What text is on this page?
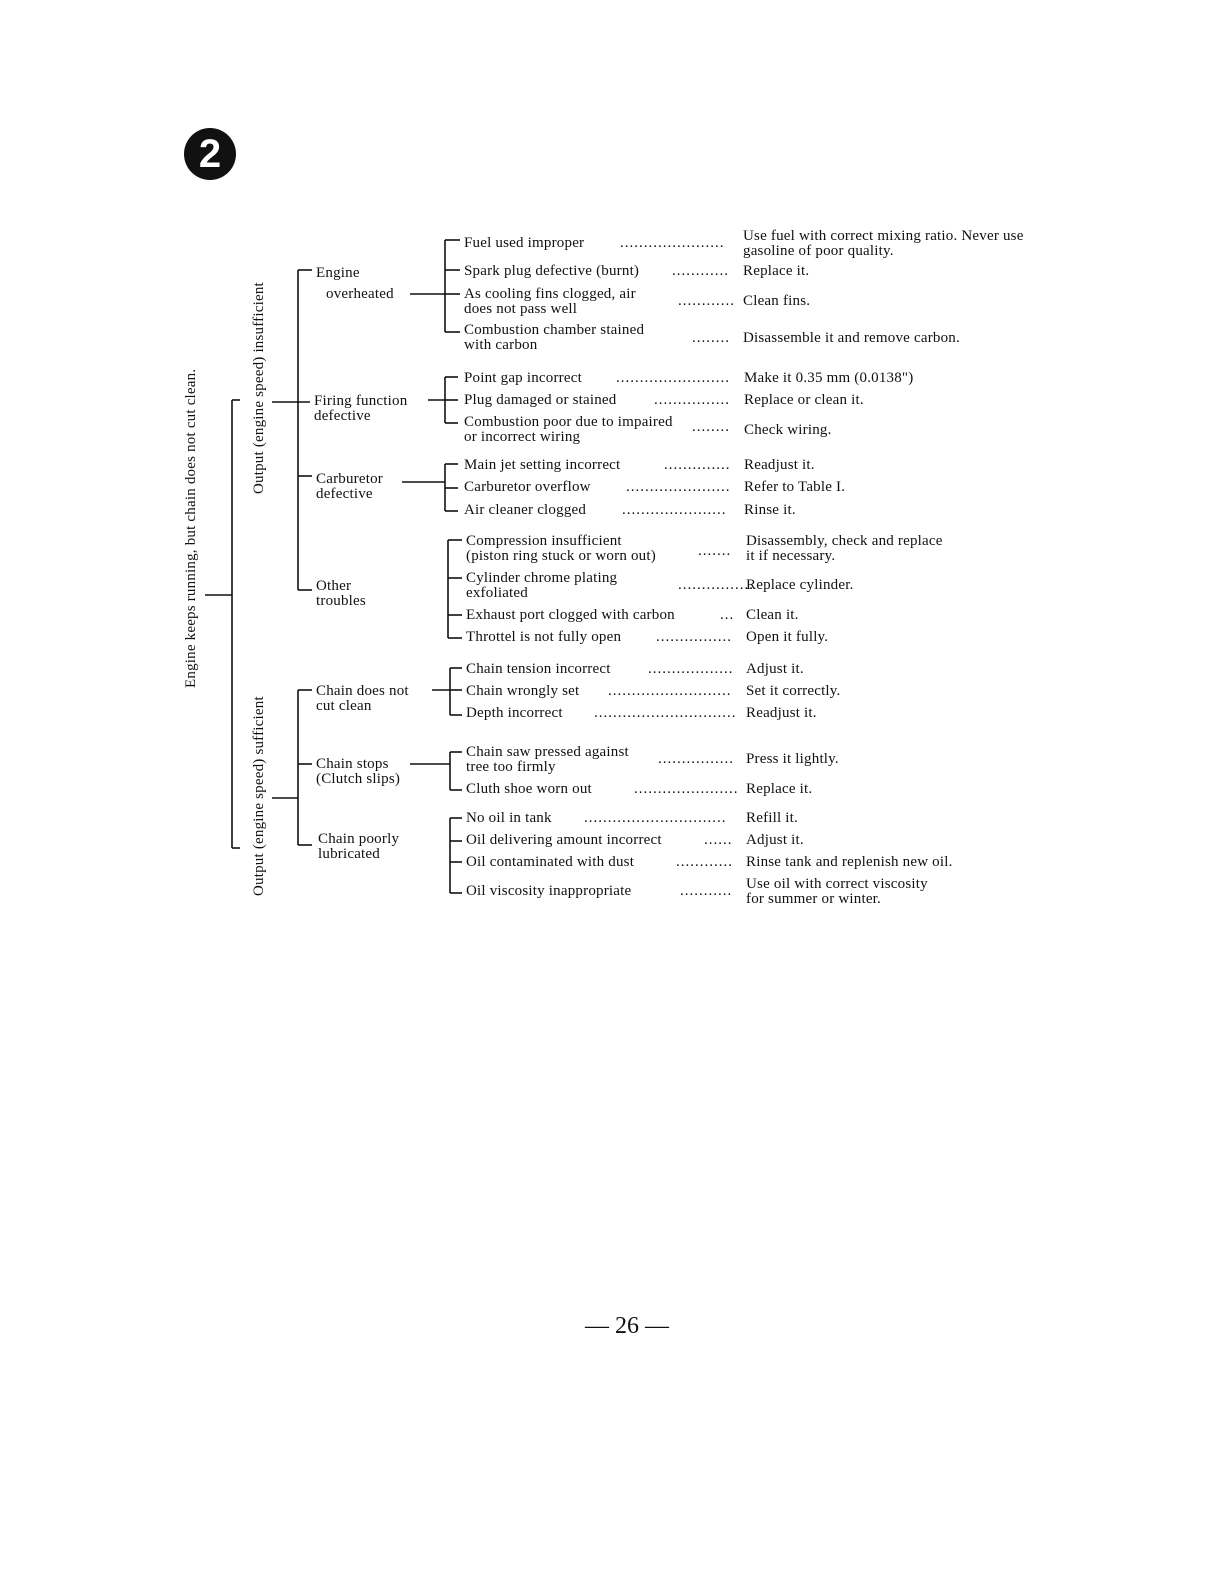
2
Engine keeps running, but chain does not cut clean.	Output (engine speed) insufficient
Output (engine speed) sufficient
Engine
overheated
Firing function
defective
Carburetor
defective
Other
troubles
Chain does not
cut clean
Chain stops
(Clutch slips)
Chain poorly
lubricated
Fuel used improper ...................... Use fuel with correct mixing ratio. Never use
gasoline of poor quality.
Spark plug defective (burnt) ............ Replace it.
As cooling fins clogged, air
does not pass well	............ Clean fins.
Combustion chamber stained
with carbon	........ Disassemble it and remove carbon.
Point gap incorrect ........................ Make it 0.35 mm (0.0138")
Plug damaged or stained	................ Replace or clean it.
Combustion poor due to impaired
or incorrect wiring
........ Check wiring.
Main jet setting incorrect	.............. Readjust it.
Carburetor overflow ...................... Refer to Table I.
Air cleaner clogged ...................... Rinse it.
Compression insufficient
(piston ring stuck or worn out)	.......
Disassembly, check and replace
it if necessary.
Cylinder chrome plating
exfoliated	................
Replace cylinder.
Exhaust port clogged with carbon	... Clean it.
Throttel is not fully open ................ Open it fully.
Chain tension incorrect .................. Adjust it.
Chain wrongly set .......................... Set it correctly.
Depth incorrect .............................. Readjust it.
Chain saw pressed against
tree too firmly	................ Press it lightly.
Cluth shoe worn out	...................... Replace it.
No oil in tank .............................. Refill it.
Oil delivering amount incorrect	...... Adjust it.
Oil contaminated with dust	............ Rinse tank and replenish new oil.
Oil viscosity inappropriate	........... Use oil with correct viscosity
for summer or winter.
— 26 —
